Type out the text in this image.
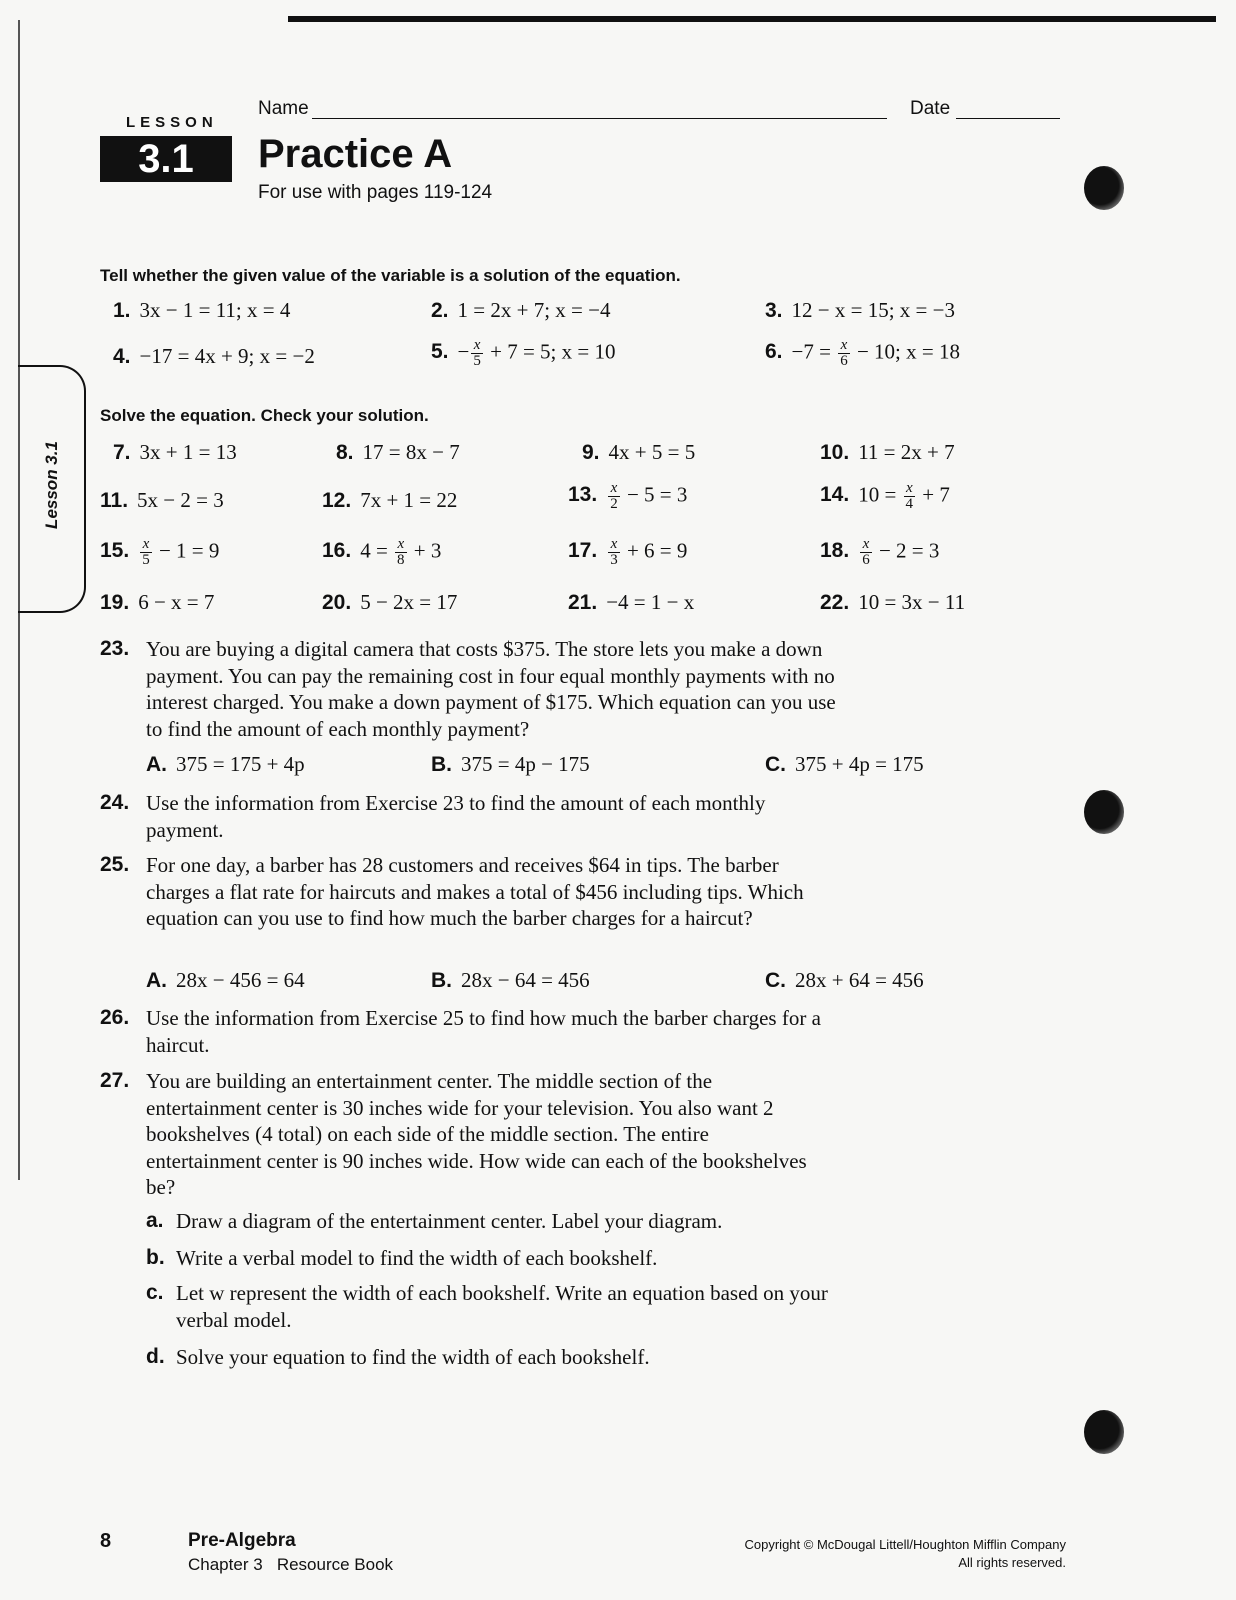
LESSON
3.1
Name	Date
Practice A
For use with pages 119-124
Lesson 3.1
Tell whether the given value of the variable is a solution of the equation.
1. 3x − 1 = 11; x = 4	2. 1 = 2x + 7; x = −4	3. 12 − x = 15; x = −3
4. −17 = 4x + 9; x = −2	5. − $\frac{x}{5} + 7 = 5$; x = 10	6. $-7 = \frac{x}{6} - 10$; x = 18
Solve the equation. Check your solution.
7. 3x + 1 = 13	8. 17 = 8x − 7	9. 4x + 5 = 5	10. 11 = 2x + 7
11. 5x − 2 = 3	12. 7x + 1 = 22	13. $\frac{x}{2} - 5 = 3$	14. $10 = \frac{x}{4} + 7$
15. $\frac{x}{5} - 1 = 9$	16. $4 = \frac{x}{8} + 3$	17. $\frac{x}{3} + 6 = 9$	18. $\frac{x}{6} - 2 = 3$
19. 6 − x = 7	20. 5 − 2x = 17	21. −4 = 1 − x	22. 10 = 3x − 11
23. You are buying a digital camera that costs $375. The store lets you make a down payment. You can pay the remaining cost in four equal monthly payments with no interest charged. You make a down payment of $175. Which equation can you use to find the amount of each monthly payment?
A. 375 = 175 + 4p	B. 375 = 4p − 175	C. 375 + 4p = 175
24. Use the information from Exercise 23 to find the amount of each monthly payment.
25. For one day, a barber has 28 customers and receives $64 in tips. The barber charges a flat rate for haircuts and makes a total of $456 including tips. Which equation can you use to find how much the barber charges for a haircut?
A. 28x − 456 = 64	B. 28x − 64 = 456	C. 28x + 64 = 456
26. Use the information from Exercise 25 to find how much the barber charges for a haircut.
27. You are building an entertainment center. The middle section of the entertainment center is 30 inches wide for your television. You also want 2 bookshelves (4 total) on each side of the middle section. The entire entertainment center is 90 inches wide. How wide can each of the bookshelves be?
a. Draw a diagram of the entertainment center. Label your diagram.
b. Write a verbal model to find the width of each bookshelf.
c. Let w represent the width of each bookshelf. Write an equation based on your verbal model.
d. Solve your equation to find the width of each bookshelf.
8	Pre-Algebra
Chapter 3   Resource Book
Copyright © McDougal Littell/Houghton Mifflin Company
All rights reserved.
